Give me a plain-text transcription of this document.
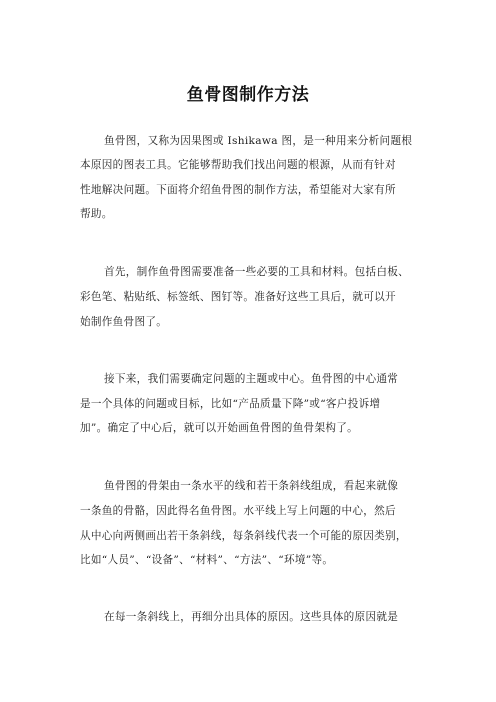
鱼骨图制作方法
鱼骨图，又称为因果图或 Ishikawa 图，是一种用来分析问题根
本原因的图表工具。它能够帮助我们找出问题的根源，从而有针对
性地解决问题。下面将介绍鱼骨图的制作方法，希望能对大家有所
帮助。
首先，制作鱼骨图需要准备一些必要的工具和材料。包括白板、
彩色笔、粘贴纸、标签纸、图钉等。准备好这些工具后，就可以开
始制作鱼骨图了。
接下来，我们需要确定问题的主题或中心。鱼骨图的中心通常
是一个具体的问题或目标，比如“产品质量下降”或“客户投诉增
加”。确定了中心后，就可以开始画鱼骨图的鱼骨架构了。
鱼骨图的骨架由一条水平的线和若干条斜线组成，看起来就像
一条鱼的骨骼，因此得名鱼骨图。水平线上写上问题的中心，然后
从中心向两侧画出若干条斜线，每条斜线代表一个可能的原因类别，
比如“人员”、“设备”、“材料”、“方法”、“环境”等。
在每一条斜线上，再细分出具体的原因。这些具体的原因就是
